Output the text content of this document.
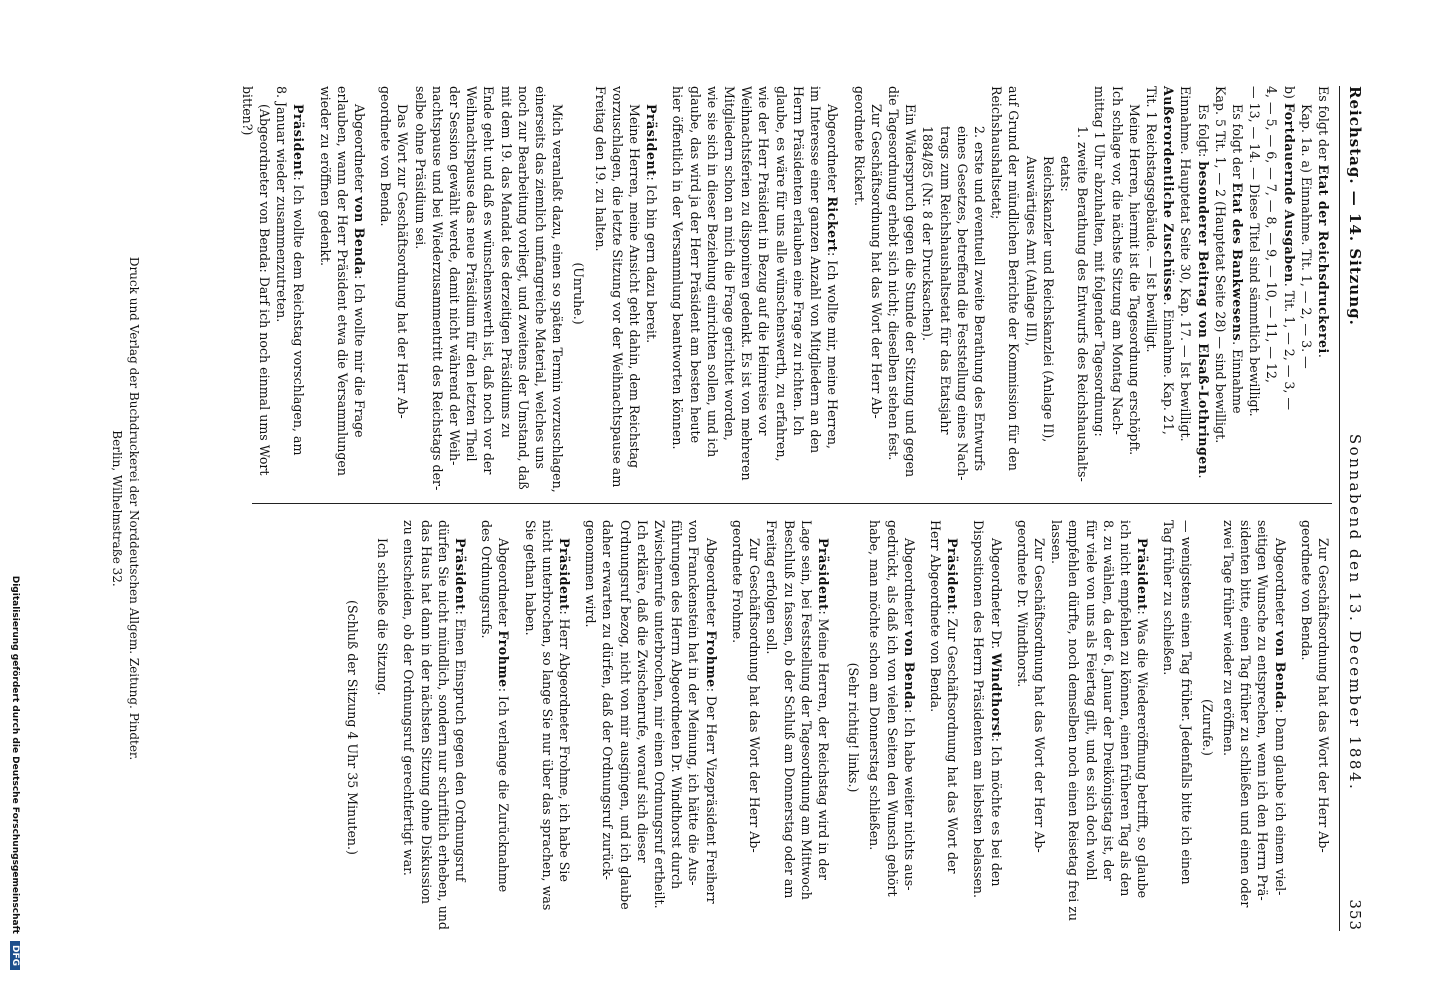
Reichstag. — 14. Sitzung.
Sonnabend den 13. December 1884.
353

Es folgt der Etat der Reichsdruckerei.

Kap. 1a. a) Einnahme. Tit. 1, — 2, — 3. —

b) Fortdauernde Ausgaben. Tit. 1, — 2, — 3, —

4, — 5, — 6, — 7, — 8, — 9, — 10, — 11, — 12,

— 13, — 14. — Diese Titel sind sämmtlich bewilligt.

Es folgt der Etat des Bankwesens. Einnahme

Kap. 5 Tit. 1, — 2 (Hauptetat Seite 28) — sind bewilligt.

Es folgt: besonderer Beitrag von Elsaß-Lothringen.

Einnahme. Hauptetat Seite 30, Kap. 17. — Ist bewilligt.

Außerordentliche Zuschüsse. Einnahme. Kap. 21,

Tit. 1 Reichstagsgebäude. — Ist bewilligt.

Meine Herren, hiermit ist die Tagesordnung erschöpft.

Ich schlage vor, die nächste Sitzung am Montag Nach-

mittag 1 Uhr abzuhalten, mit folgender Tagesordnung:

1. zweite Berathung des Entwurfs des Reichshaushalts-

etats:

Reichskanzler und Reichskanzlei (Anlage II),

Auswärtiges Amt (Anlage III),

auf Grund der mündlichen Berichte der Kommission für den

Reichshaushaltsetat;

2. erste und eventuell zweite Berathung des Entwurfs

eines Gesetzes, betreffend die Feststellung eines Nach-

trags zum Reichshaushaltsetat für das Etatsjahr

1884/85 (Nr. 8 der Drucksachen).

Ein Widerspruch gegen die Stunde der Sitzung und gegen

die Tagesordnung erhebt sich nicht; dieselben stehen fest.

Zur Geschäftsordnung hat das Wort der Herr Ab-

geordnete Rickert.

Abgeordneter Rickert: Ich wollte mir, meine Herren,

im Interesse einer ganzen Anzahl von Mitgliedern an den

Herrn Präsidenten erlauben eine Frage zu richten. Ich

glaube, es wäre für uns alle wünschenswerth, zu erfahren,

wie der Herr Präsident in Bezug auf die Heimreise vor

Weihnachtsferien zu disponiren gedenkt. Es ist von mehreren

Mitgliedern schon an mich die Frage gerichtet worden,

wie sie sich in dieser Beziehung einrichten sollen, und ich

glaube, das wird ja der Herr Präsident am besten heute

hier öffentlich in der Versammlung beantworten können.

Präsident: Ich bin gern dazu bereit.

Meine Herren, meine Ansicht geht dahin, dem Reichstag

vorzuschlagen, die letzte Sitzung vor der Weihnachtspause am

Freitag den 19. zu halten.

(Unruhe.)

Mich veranlaßt dazu, einen so späten Termin vorzuschlagen,

einerseits das ziemlich umfangreiche Material, welches uns

noch zur Bearbeitung vorliegt, und zweitens der Umstand, daß

mit dem 19. das Mandat des derzeitigen Präsidiums zu

Ende geht und daß es wünschenswerth ist, daß noch vor der

Weihnachtspause das neue Präsidium für den letzten Theil

der Session gewählt werde, damit nicht während der Weih-

nachtspause und bei Wiederzusammentritt des Reichstags der-

selbe ohne Präsidium sei.

Das Wort zur Geschäftsordnung hat der Herr Ab-

geordnete von Benda.

Abgeordneter von Benda: Ich wollte mir die Frage

erlauben, wann der Herr Präsident etwa die Versammlungen

wieder zu eröffnen gedenkt.

Präsident: Ich wollte dem Reichstag vorschlagen, am

8. Januar wieder zusammenzutreten.

(Abgeordneter von Benda: Darf ich noch einmal ums Wort

bitten?)

Zur Geschäftsordnung hat das Wort der Herr Ab-

geordnete von Benda.

Abgeordneter von Benda: Dann glaube ich einem viel-

seitigen Wunsche zu entsprechen, wenn ich den Herrn Prä-

sidenten bitte, einen Tag früher zu schließen und einen oder

zwei Tage früher wieder zu eröffnen.

(Zurufe.)

— wenigstens einen Tag früher. Jedenfalls bitte ich einen

Tag früher zu schließen.

Präsident: Was die Wiedereröffnung betrifft, so glaube

ich nicht empfehlen zu können, einen früheren Tag als den

8. zu wählen, da der 6. Januar der Dreikönigstag ist, der

für viele von uns als Feiertag gilt, und es sich doch wohl

empfehlen dürfte, noch demselben noch einen Reisetag frei zu

lassen.

Zur Geschäftsordnung hat das Wort der Herr Ab-

geordnete Dr. Windthorst.

Abgeordneter Dr. Windthorst: Ich möchte es bei den

Dispositionen des Herrn Präsidenten am liebsten belassen.

Präsident: Zur Geschäftsordnung hat das Wort der

Herr Abgeordnete von Benda.

Abgeordneter von Benda: Ich habe weiter nichts aus-

gedrückt, als daß ich von vielen Seiten den Wunsch gehört

habe, man möchte schon am Donnerstag schließen.

(Sehr richtig! links.)

Präsident: Meine Herren, der Reichstag wird in der

Lage sein, bei Feststellung der Tagesordnung am Mittwoch

Beschluß zu fassen, ob der Schluß am Donnerstag oder am

Freitag erfolgen soll.

Zur Geschäftsordnung hat das Wort der Herr Ab-

geordnete Frohme.

Abgeordneter Frohme: Der Herr Vizepräsident Freiherr

von Franckenstein hat in der Meinung, ich hätte die Aus-

führungen des Herrn Abgeordneten Dr. Windthorst durch

Zwischenrufe unterbrochen, mir einen Ordnungsruf ertheilt.

Ich erkläre, daß die Zwischenrufe, worauf sich dieser

Ordnungsruf bezog, nicht von mir ausgingen, und ich glaube

daher erwarten zu dürfen, daß der Ordnungsruf zurück-

genommen wird.

Präsident: Herr Abgeordneter Frohme, ich habe Sie

nicht unterbrochen, so lange Sie nur über das sprachen, was

Sie gethan haben.

Abgeordneter Frohme: Ich verlange die Zurücknahme

des Ordnungsrufs.

Präsident: Einen Einspruch gegen den Ordnungsruf

dürfen Sie nicht mündlich, sondern nur schriftlich erheben, und

das Haus hat dann in der nächsten Sitzung ohne Diskussion

zu entscheiden, ob der Ordnungsruf gerechtfertigt war.

Ich schließe die Sitzung.

(Schluß der Sitzung 4 Uhr 35 Minuten.)

Druck und Verlag der Buchdruckerei der Norddeutschen Allgem. Zeitung. Pindter.
Berlin, Wilhelmstraße 32.
Digitalisierung gefördert durch die Deutsche Forschungsgemeinschaft DFG
